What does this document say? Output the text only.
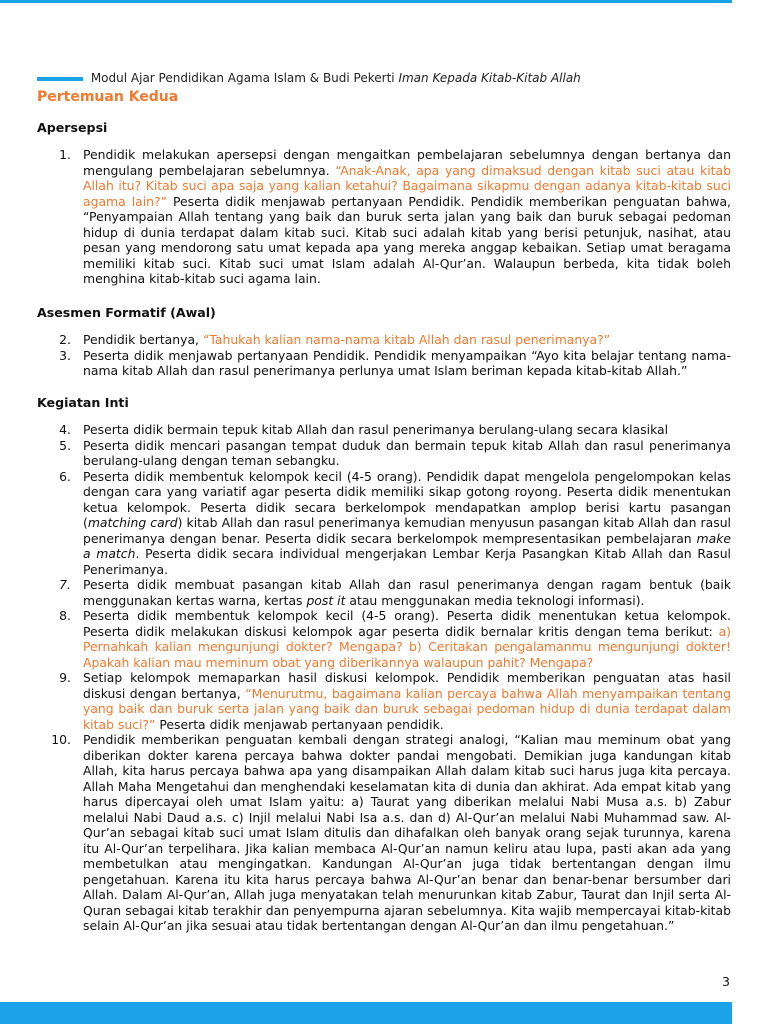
Modul Ajar Pendidikan Agama Islam & Budi Pekerti Iman Kepada Kitab-Kitab Allah
Pertemuan Kedua
Apersepsi
1. Pendidik melakukan apersepsi dengan mengaitkan pembelajaran sebelumnya dengan bertanya dan mengulang pembelajaran sebelumnya. “Anak-Anak, apa yang dimaksud dengan kitab suci atau kitab Allah itu? Kitab suci apa saja yang kalian ketahui? Bagaimana sikapmu dengan adanya kitab-kitab suci agama lain?” Peserta didik menjawab pertanyaan Pendidik. Pendidik memberikan penguatan bahwa, “Penyampaian Allah tentang yang baik dan buruk serta jalan yang baik dan buruk sebagai pedoman hidup di dunia terdapat dalam kitab suci. Kitab suci adalah kitab yang berisi petunjuk, nasihat, atau pesan yang mendorong satu umat kepada apa yang mereka anggap kebaikan. Setiap umat beragama memiliki kitab suci. Kitab suci umat Islam adalah Al-Qur’an. Walaupun berbeda, kita tidak boleh menghina kitab-kitab suci agama lain.
Asesmen Formatif (Awal)
2. Pendidik bertanya, “Tahukah kalian nama-nama kitab Allah dan rasul penerimanya?”
3. Peserta didik menjawab pertanyaan Pendidik. Pendidik menyampaikan “Ayo kita belajar tentang nama-nama kitab Allah dan rasul penerimanya perlunya umat Islam beriman kepada kitab-kitab Allah.”
Kegiatan Inti
4. Peserta didik bermain tepuk kitab Allah dan rasul penerimanya berulang-ulang secara klasikal
5. Peserta didik mencari pasangan tempat duduk dan bermain tepuk kitab Allah dan rasul penerimanya berulang-ulang dengan teman sebangku.
6. Peserta didik membentuk kelompok kecil (4-5 orang). Pendidik dapat mengelola pengelompokan kelas dengan cara yang variatif agar peserta didik memiliki sikap gotong royong. Peserta didik menentukan ketua kelompok. Peserta didik secara berkelompok mendapatkan amplop berisi kartu pasangan (matching card) kitab Allah dan rasul penerimanya kemudian menyusun pasangan kitab Allah dan rasul penerimanya dengan benar. Peserta didik secara berkelompok mempresentasikan pembelajaran make a match. Peserta didik secara individual mengerjakan Lembar Kerja Pasangkan Kitab Allah dan Rasul Penerimanya.
7. Peserta didik membuat pasangan kitab Allah dan rasul penerimanya dengan ragam bentuk (baik menggunakan kertas warna, kertas post it atau menggunakan media teknologi informasi).
8. Peserta didik membentuk kelompok kecil (4-5 orang). Peserta didik menentukan ketua kelompok. Peserta didik melakukan diskusi kelompok agar peserta didik bernalar kritis dengan tema berikut: a) Pernahkah kalian mengunjungi dokter? Mengapa? b) Ceritakan pengalamanmu mengunjungi dokter! Apakah kalian mau meminum obat yang diberikannya walaupun pahit? Mengapa?
9. Setiap kelompok memaparkan hasil diskusi kelompok. Pendidik memberikan penguatan atas hasil diskusi dengan bertanya, “Menurutmu, bagaimana kalian percaya bahwa Allah menyampaikan tentang yang baik dan buruk serta jalan yang baik dan buruk sebagai pedoman hidup di dunia terdapat dalam kitab suci?” Peserta didik menjawab pertanyaan pendidik.
10. Pendidik memberikan penguatan kembali dengan strategi analogi, “Kalian mau meminum obat yang diberikan dokter karena percaya bahwa dokter pandai mengobati. Demikian juga kandungan kitab Allah, kita harus percaya bahwa apa yang disampaikan Allah dalam kitab suci harus juga kita percaya. Allah Maha Mengetahui dan menghendaki keselamatan kita di dunia dan akhirat. Ada empat kitab yang harus dipercayai oleh umat Islam yaitu: a) Taurat yang diberikan melalui Nabi Musa a.s. b) Zabur melalui Nabi Daud a.s. c) Injil melalui Nabi Isa a.s. dan d) Al-Qur’an melalui Nabi Muhammad saw. Al-Qur’an sebagai kitab suci umat Islam ditulis dan dihafalkan oleh banyak orang sejak turunnya, karena itu Al-Qur’an terpelihara. Jika kalian membaca Al-Qur’an namun keliru atau lupa, pasti akan ada yang membetulkan atau mengingatkan. Kandungan Al-Qur’an juga tidak bertentangan dengan ilmu pengetahuan. Karena itu kita harus percaya bahwa Al-Qur’an benar dan benar-benar bersumber dari Allah. Dalam Al-Qur’an, Allah juga menyatakan telah menurunkan kitab Zabur, Taurat dan Injil serta Al-Quran sebagai kitab terakhir dan penyempurna ajaran sebelumnya. Kita wajib mempercayai kitab-kitab selain Al-Qur’an jika sesuai atau tidak bertentangan dengan Al-Qur’an dan ilmu pengetahuan.”
3
